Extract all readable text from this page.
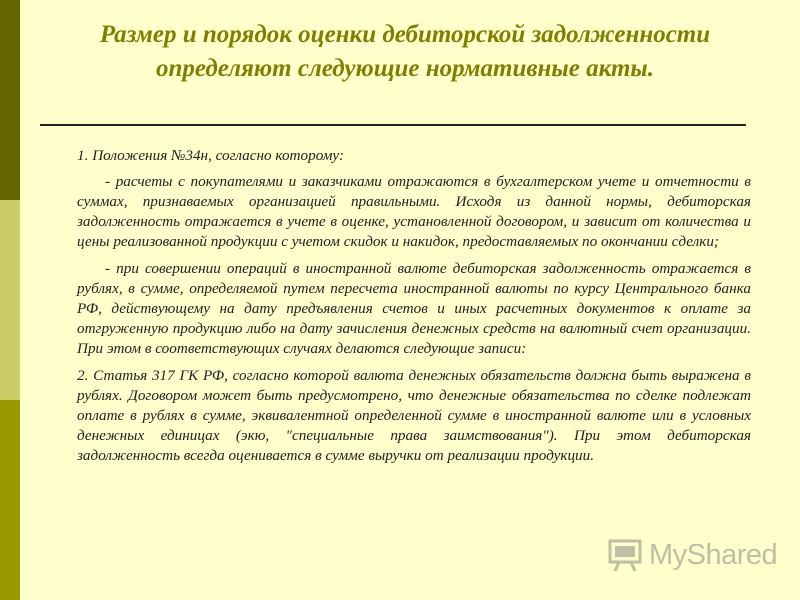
Размер и порядок оценки дебиторской задолженности определяют следующие нормативные акты.

1. Положения №34н, согласно которому:

- расчеты с покупателями и заказчиками отражаются в бухгалтерском учете и отчетности в суммах, признаваемых организацией правильными. Исходя из данной нормы, дебиторская задолженность отражается в учете в оценке, установленной договором, и зависит от количества и цены реализованной продукции с учетом скидок и накидок, предоставляемых по окончании сделки;

- при совершении операций в иностранной валюте дебиторская задолженность отражается в рублях, в сумме, определяемой путем пересчета иностранной валюты по курсу Центрального банка РФ, действующему на дату предъявления счетов и иных расчетных документов к оплате за отгруженную продукцию либо на дату зачисления денежных средств на валютный счет организации. При этом в соответствующих случаях делаются следующие записи:

2. Статья 317 ГК РФ, согласно которой валюта денежных обязательств должна быть выражена в рублях. Договором может быть предусмотрено, что денежные обязательства по сделке подлежат оплате в рублях в сумме, эквивалентной определенной сумме в иностранной валюте или в условных денежных единицах (экю, "специальные права заимствования"). При этом дебиторская задолженность всегда оценивается в сумме выручки от реализации продукции.

MyShared
